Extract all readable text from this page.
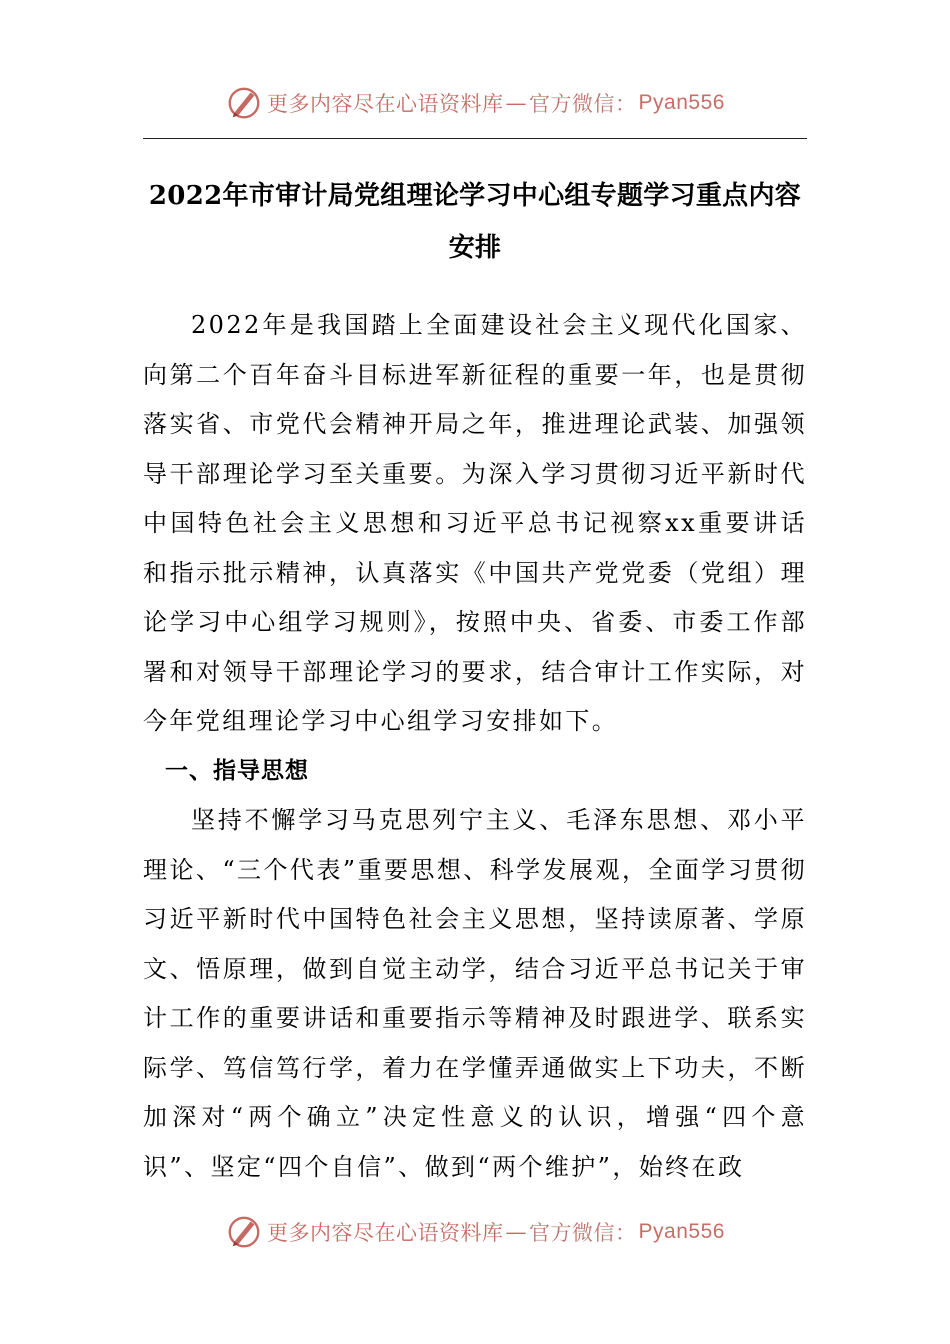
更多内容尽在心语资料库 — 官方微信： Pyan556
2022年市审计局党组理论学习中心组专题学习重点内容安排

2022年是我国踏上全面建设社会主义现代化国家、向第二个百年奋斗目标进军新征程的重要一年，也是贯彻落实省、市党代会精神开局之年，推进理论武装、加强领导干部理论学习至关重要。为深入学习贯彻习近平新时代中国特色社会主义思想和习近平总书记视察xx重要讲话和指示批示精神，认真落实《中国共产党党委（党组）理论学习中心组学习规则》，按照中央、省委、市委工作部署和对领导干部理论学习的要求，结合审计工作实际，对今年党组理论学习中心组学习安排如下。

一、指导思想

坚持不懈学习马克思列宁主义、毛泽东思想、邓小平理论、“三个代表”重要思想、科学发展观，全面学习贯彻习近平新时代中国特色社会主义思想，坚持读原著、学原文、悟原理，做到自觉主动学，结合习近平总书记关于审计工作的重要讲话和重要指示等精神及时跟进学、联系实际学、笃信笃行学，着力在学懂弄通做实上下功夫，不断加深对“两个确立”决定性意义的认识，增强“四个意识”、坚定“四个自信”、做到“两个维护”，始终在政

更多内容尽在心语资料库 — 官方微信： Pyan556
